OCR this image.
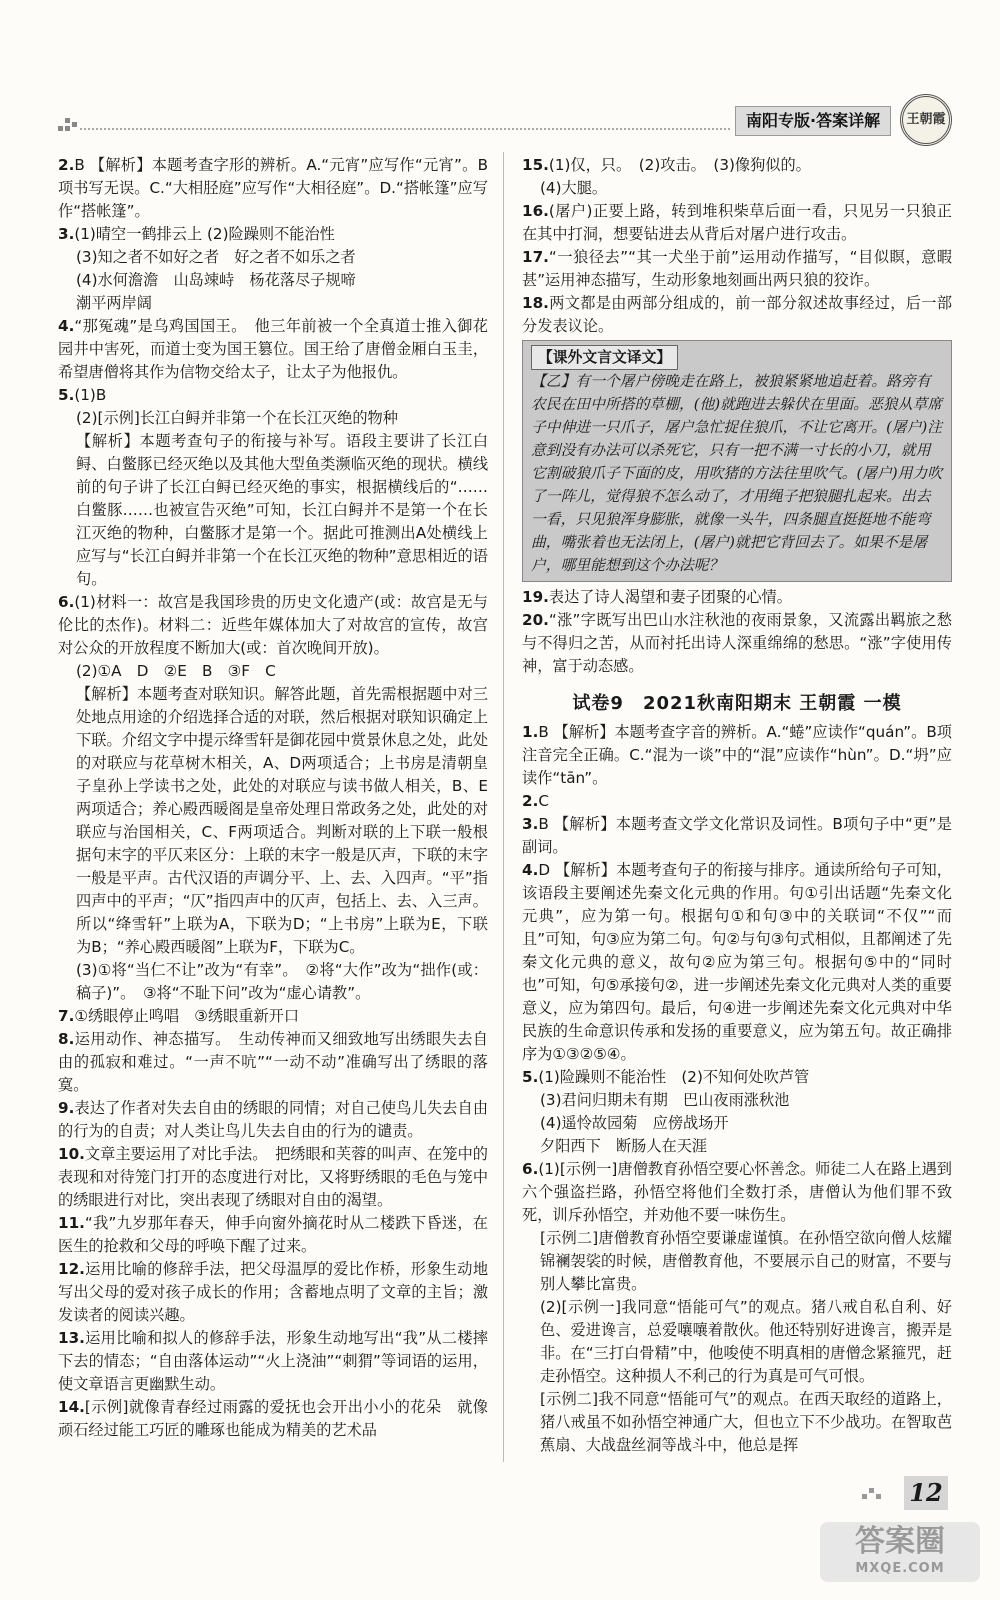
南阳专版·答案详解	王朝霞

2.B 【解析】本题考查字形的辨析。A.“元宵”应写作“元宵”。B项书写无误。C.“大相胫庭”应写作“大相径庭”。D.“搭帐篷”应写作“搭帐篷”。

3.(1)晴空一鹤排云上 (2)险躁则不能治性

(3)知之者不如好之者　好之者不如乐之者

(4)水何澹澹　山岛竦峙　杨花落尽子规啼

潮平两岸阔

4.“那冤魂”是乌鸡国国王。　他三年前被一个全真道士推入御花园井中害死，而道士变为国王篡位。国王给了唐僧金厢白玉圭，希望唐僧将其作为信物交给太子，让太子为他报仇。

5.(1)B

(2)[示例]长江白鲟并非第一个在长江灭绝的物种

【解析】本题考查句子的衔接与补写。语段主要讲了长江白鲟、白鳖豚已经灭绝以及其他大型鱼类濒临灭绝的现状。横线前的句子讲了长江白鲟已经灭绝的事实，根据横线后的“……白鳖豚……也被宣告灭绝”可知，长江白鲟并不是第一个在长江灭绝的物种，白鳖豚才是第一个。据此可推测出A处横线上应写与“长江白鲟并非第一个在长江灭绝的物种”意思相近的语句。

6.(1)材料一：故宫是我国珍贵的历史文化遗产(或：故宫是无与伦比的杰作)。材料二：近些年媒体加大了对故宫的宣传，故宫对公众的开放程度不断加大(或：首次晚间开放)。

(2)①A　D　②E　B　③F　C

【解析】本题考查对联知识。解答此题，首先需根据题中对三处地点用途的介绍选择合适的对联，然后根据对联知识确定上下联。介绍文字中提示绛雪轩是御花园中赏景休息之处，此处的对联应与花草树木相关，A、D两项适合；上书房是清朝皇子皇孙上学读书之处，此处的对联应与读书做人相关，B、E两项适合；养心殿西暖阁是皇帝处理日常政务之处，此处的对联应与治国相关，C、F两项适合。判断对联的上下联一般根据句末字的平仄来区分：上联的末字一般是仄声，下联的末字一般是平声。古代汉语的声调分平、上、去、入四声。“平”指四声中的平声；“仄”指四声中的仄声，包括上、去、入三声。所以“绛雪轩”上联为A，下联为D；“上书房”上联为E，下联为B；“养心殿西暖阁”上联为F，下联为C。

(3)①将“当仁不让”改为“有幸”。　②将“大作”改为“拙作(或：稿子)”。　③将“不耻下问”改为“虚心请教”。

7.①绣眼停止鸣唱　③绣眼重新开口

8.运用动作、神态描写。　生动传神而又细致地写出绣眼失去自由的孤寂和难过。“一声不吭”“一动不动”准确写出了绣眼的落寞。

9.表达了作者对失去自由的绣眼的同情；对自己使鸟儿失去自由的行为的自责；对人类让鸟儿失去自由的行为的谴责。

10.文章主要运用了对比手法。　把绣眼和芙蓉的叫声、在笼中的表现和对待笼门打开的态度进行对比，又将野绣眼的毛色与笼中的绣眼进行对比，突出表现了绣眼对自由的渴望。

11.“我”九岁那年春天，伸手向窗外摘花时从二楼跌下昏迷，在医生的抢救和父母的呼唤下醒了过来。

12.运用比喻的修辞手法，把父母温厚的爱比作桥，形象生动地写出父母的爱对孩子成长的作用；含蓄地点明了文章的主旨；激发读者的阅读兴趣。

13.运用比喻和拟人的修辞手法，形象生动地写出“我”从二楼摔下去的情态；“自由落体运动”“火上浇油”“刺猬”等词语的运用，使文章语言更幽默生动。

14.[示例]就像青春经过雨露的爱抚也会开出小小的花朵　就像顽石经过能工巧匠的雕琢也能成为精美的艺术品

15.(1)仅，只。　(2)攻击。　(3)像狗似的。

(4)大腿。

16.(屠户)正要上路，转到堆积柴草后面一看，只见另一只狼正在其中打洞，想要钻进去从背后对屠户进行攻击。

17.“一狼径去”“其一犬坐于前”运用动作描写，“目似瞑，意暇甚”运用神态描写，生动形象地刻画出两只狼的狡诈。

18.两文都是由两部分组成的，前一部分叙述故事经过，后一部分发表议论。

【课外文言文译文】
【乙】有一个屠户傍晚走在路上，被狼紧紧地追赶着。路旁有农民在田中所搭的草棚，(他)就跑进去躲伏在里面。恶狼从草席子中伸进一只爪子，屠户急忙捉住狼爪，不让它离开。(屠户)注意到没有办法可以杀死它，只有一把不满一寸长的小刀，就用它割破狼爪子下面的皮，用吹猪的方法往里吹气。(屠户)用力吹了一阵儿，觉得狼不怎么动了，才用绳子把狼腿扎起来。出去一看，只见狼浑身膨胀，就像一头牛，四条腿直挺挺地不能弯曲，嘴张着也无法闭上，(屠户)就把它背回去了。如果不是屠户，哪里能想到这个办法呢？

19.表达了诗人渴望和妻子团聚的心情。

20.“涨”字既写出巴山水注秋池的夜雨景象，又流露出羁旅之愁与不得归之苦，从而衬托出诗人深重绵绵的愁思。“涨”字使用传神，富于动态感。

试卷9　2021秋南阳期末 王朝霞 一模

1.B 【解析】本题考查字音的辨析。A.“蜷”应读作“quán”。B项注音完全正确。C.“混为一谈”中的“混”应读作“hùn”。D.“坍”应读作“tān”。

2.C

3.B 【解析】本题考查文学文化常识及词性。B项句子中“更”是副词。

4.D 【解析】本题考查句子的衔接与排序。通读所给句子可知，该语段主要阐述先秦文化元典的作用。句①引出话题“先秦文化元典”，应为第一句。根据句①和句③中的关联词“不仅”“而且”可知，句③应为第二句。句②与句③句式相似，且都阐述了先秦文化元典的意义，故句②应为第三句。根据句⑤中的“同时也”可知，句⑤承接句②，进一步阐述先秦文化元典对人类的重要意义，应为第四句。最后，句④进一步阐述先秦文化元典对中华民族的生命意识传承和发扬的重要意义，应为第五句。故正确排序为①③②⑤④。

5.(1)险躁则不能治性　(2)不知何处吹芦管

(3)君问归期未有期　巴山夜雨涨秋池

(4)遥怜故园菊　应傍战场开

夕阳西下　断肠人在天涯

6.(1)[示例一]唐僧教育孙悟空要心怀善念。师徒二人在路上遇到六个强盗拦路，孙悟空将他们全数打杀，唐僧认为他们罪不致死，训斥孙悟空，并劝他不要一味伤生。

[示例二]唐僧教育孙悟空要谦虚谨慎。在孙悟空欲向僧人炫耀锦襕袈裟的时候，唐僧教育他，不要展示自己的财富，不要与别人攀比富贵。

(2)[示例一]我同意“悟能可气”的观点。猪八戒自私自利、好色、爱进谗言，总爱嚷嚷着散伙。他还特别好进谗言，搬弄是非。在“三打白骨精”中，他唆使不明真相的唐僧念紧箍咒，赶走孙悟空。这种损人不利己的行为真是可气可恨。

[示例二]我不同意“悟能可气”的观点。在西天取经的道路上，猪八戒虽不如孙悟空神通广大，但也立下不少战功。在智取芭蕉扇、大战盘丝洞等战斗中，他总是挥

12
答案圈
MXQE.COM
